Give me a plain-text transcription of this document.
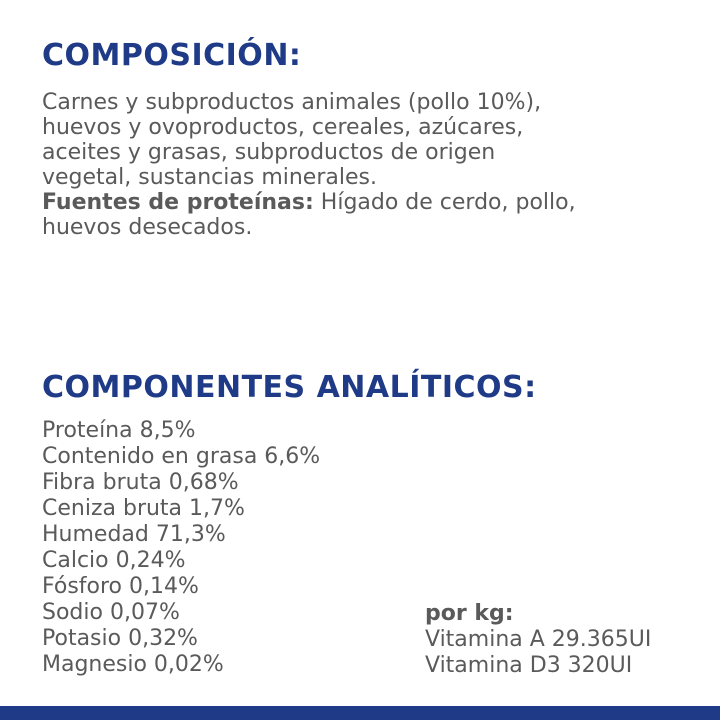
COMPOSICIÓN:
Carnes y subproductos animales (pollo 10%),
huevos y ovoproductos, cereales, azúcares,
aceites y grasas, subproductos de origen
vegetal, sustancias minerales.
Fuentes de proteínas: Hígado de cerdo, pollo,
huevos desecados.
COMPONENTES ANALÍTICOS:
Proteína 8,5%
Contenido en grasa 6,6%
Fibra bruta 0,68%
Ceniza bruta 1,7%
Humedad 71,3%
Calcio 0,24%
Fósforo 0,14%
Sodio 0,07%
Potasio 0,32%
Magnesio 0,02%
por kg:
Vitamina A 29.365UI
Vitamina D3 320UI
